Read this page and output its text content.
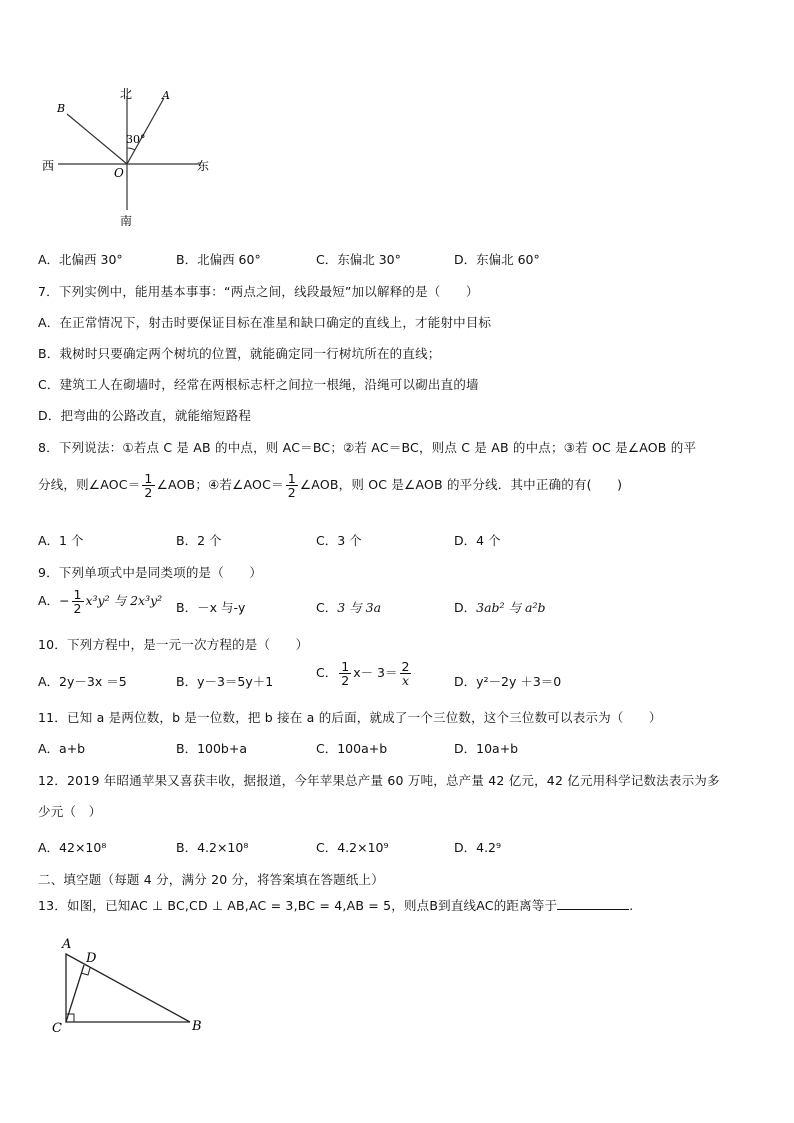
北
南
西	东
O
A
B
30°
A．北偏西 30°	B．北偏西 60°	C．东偏北 30°	D．东偏北 60°
7．下列实例中，能用基本事事：“两点之间，线段最短”加以解释的是（　　）
A．在正常情况下，射击时要保证目标在准星和缺口确定的直线上，才能射中目标
B．栽树时只要确定两个树坑的位置，就能确定同一行树坑所在的直线；
C．建筑工人在砌墙时，经常在两根标志杆之间拉一根绳，沿绳可以砌出直的墙
D．把弯曲的公路改直，就能缩短路程
8．下列说法：①若点 C 是 AB 的中点，则 AC＝BC；②若 AC＝BC，则点 C 是 AB 的中点；③若 OC 是∠AOB 的平
分线，则∠AOC＝ $\frac{1}{2}$ ∠AOB；④若∠AOC＝ $\frac{1}{2}$ ∠AOB，则 OC 是∠AOB 的平分线．其中正确的有(　　)
A．1 个	B．2 个	C．3 个	D．4 个
9．下列单项式中是同类项的是（　　）
A．− $\frac{1}{2} x^3y^2$ 与 2x³y² B．－x 与-y	C．3 与 3a	D．3ab² 与 a²b
10．下列方程中，是一元一次方程的是（　　）
A．2y－3x ＝5	B．y－3＝5y＋1
C． $\frac{1}{2} x- 3= \frac{2}{x}$	D．y²－2y ＋3＝0
11．已知 a 是两位数，b 是一位数，把 b 接在 a 的后面，就成了一个三位数，这个三位数可以表示为（　　）
A．a+b	B．100b+a	C．100a+b	D．10a+b
12．2019 年昭通苹果又喜获丰收，据报道，今年苹果总产量 60 万吨，总产量 42 亿元，42 亿元用科学记数法表示为多
少元（　）
A．42×10⁸	B．4.2×10⁸	C．4.2×10⁹	D．4.2⁹
二、填空题（每题 4 分，满分 20 分，将答案填在答题纸上）
13．如图，已知AC ⊥ BC,CD ⊥ AB,AC = 3,BC = 4,AB = 5，则点B到直线AC的距离等于	.
A
D
C	B
